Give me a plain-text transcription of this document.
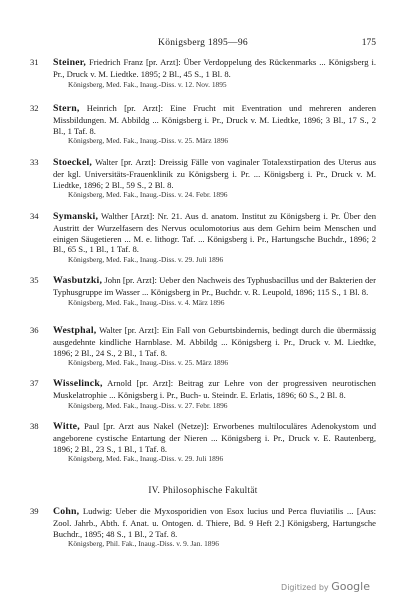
Königsberg 1895—96	175
31	Steiner, Friedrich Franz [pr. Arzt]: Über Verdoppelung des Rückenmarks ... Königsberg i. Pr., Druck v. M. Liedtke. 1895; 2 Bl., 45 S., 1 Bl. 8.
Königsberg, Med. Fak., Inaug.-Diss. v. 12. Nov. 1895
32	Stern, Heinrich [pr. Arzt]: Eine Frucht mit Eventration und mehreren anderen Missbildungen. M. Abbildg ... Königsberg i. Pr., Druck v. M. Liedtke, 1896; 3 Bl., 17 S., 2 Bl., 1 Taf. 8.
Königsberg, Med. Fak., Inaug.-Diss. v. 25. März 1896
33	Stoeckel, Walter [pr. Arzt]: Dreissig Fälle von vaginaler Totalexstirpation des Uterus aus der kgl. Universitäts-Frauenklinik zu Königsberg i. Pr. ... Königsberg i. Pr., Druck v. M. Liedtke, 1896; 2 Bl., 59 S., 2 Bl. 8.
Königsberg, Med. Fak., Inaug.-Diss. v. 24. Febr. 1896
34	Symanski, Walther [Arzt]: Nr. 21. Aus d. anatom. Institut zu Königsberg i. Pr. Über den Austritt der Wurzelfasern des Nervus oculomotorius aus dem Gehirn beim Menschen und einigen Säugetieren ... M. e. lithogr. Taf. ... Königsberg i. Pr., Hartungsche Buchdr., 1896; 2 Bl., 65 S., 1 Bl., 1 Taf. 8.
Königsberg, Med. Fak., Inaug.-Diss. v. 29. Juli 1896
35	Wasbutzki, John [pr. Arzt]: Ueber den Nachweis des Typhusbacillus und der Bakterien der Typhusgruppe im Wasser ... Königsberg in Pr., Buchdr. v. R. Leupold, 1896; 115 S., 1 Bl. 8.
Königsberg, Med. Fak., Inaug.-Diss. v. 4. März 1896
36	Westphal, Walter [pr. Arzt]: Ein Fall von Geburtsbindernis, bedingt durch die übermässig ausgedehnte kindliche Harnblase. M. Abbildg ... Königsberg i. Pr., Druck v. M. Liedtke, 1896; 2 Bl., 24 S., 2 Bl., 1 Taf. 8.
Königsberg, Med. Fak., Inaug.-Diss. v. 25. März 1896
37	Wisselinck, Arnold [pr. Arzt]: Beitrag zur Lehre von der progressiven neurotischen Muskelatrophie ... Königsberg i. Pr., Buch- u. Steindr. E. Erlatis, 1896; 60 S., 2 Bl. 8.
Königsberg, Med. Fak., Inaug.-Diss. v. 27. Febr. 1896
38	Witte, Paul [pr. Arzt aus Nakel (Netze)]: Erworbenes multiloculäres Adenokystom und angeborene cystische Entartung der Nieren ... Königsberg i. Pr., Druck v. E. Rautenberg, 1896; 2 Bl., 23 S., 1 Bl., 1 Taf. 8.
Königsberg, Med. Fak., Inaug.-Diss. v. 29. Juli 1896
IV. Philosophische Fakultät
39	Cohn, Ludwig: Ueber die Myxosporidien von Esox lucius und Perca fluviatilis ... [Aus: Zool. Jahrb., Abth. f. Anat. u. Ontogen. d. Thiere, Bd. 9 Heft 2.] Königsberg, Hartungsche Buchdr., 1895; 48 S., 1 Bl., 2 Taf. 8.
Königsberg, Phil. Fak., Inaug.-Diss. v. 9. Jan. 1896
Digitized by Google
